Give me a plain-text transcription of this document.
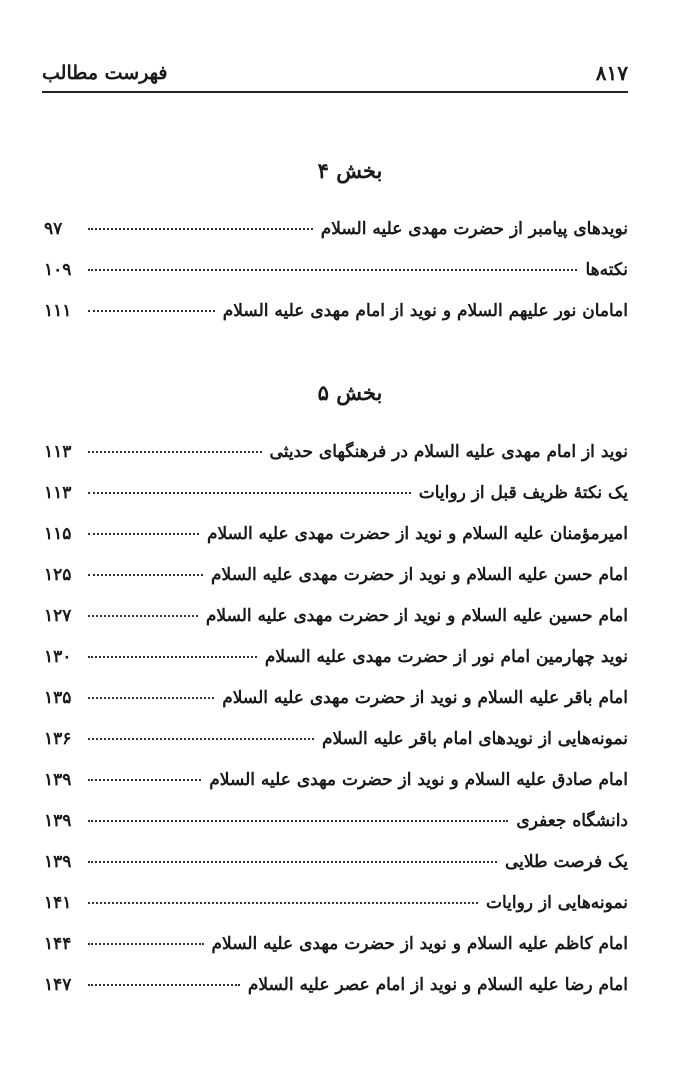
فهرست مطالب	۸۱۷
بخش ۴
نویدهای پیامبر از حضرت مهدی علیه السلام
۹۷
نکته‌ها
۱۰۹
امامان نور علیهم السلام و نوید از امام مهدی علیه السلام
۱۱۱
بخش ۵
نوید از امام مهدی علیه السلام در فرهنگهای حدیثی
۱۱۳
یک نکتهٔ ظریف قبل از روایات
۱۱۳
امیرمؤمنان علیه السلام و نوید از حضرت مهدی علیه السلام
۱۱۵
امام حسن علیه السلام و نوید از حضرت مهدی علیه السلام
۱۲۵
امام حسین علیه السلام و نوید از حضرت مهدی علیه السلام
۱۲۷
نوید چهارمین امام نور از حضرت مهدی علیه السلام
۱۳۰
امام باقر علیه السلام و نوید از حضرت مهدی علیه السلام
۱۳۵
نمونه‌هایی از نویدهای امام باقر علیه السلام
۱۳۶
امام صادق علیه السلام و نوید از حضرت مهدی علیه السلام
۱۳۹
دانشگاه جعفری
۱۳۹
یک فرصت طلایی
۱۳۹
نمونه‌هایی از روایات
۱۴۱
امام کاظم علیه السلام و نوید از حضرت مهدی علیه السلام
۱۴۴
امام رضا علیه السلام و نوید از امام عصر علیه السلام
۱۴۷
